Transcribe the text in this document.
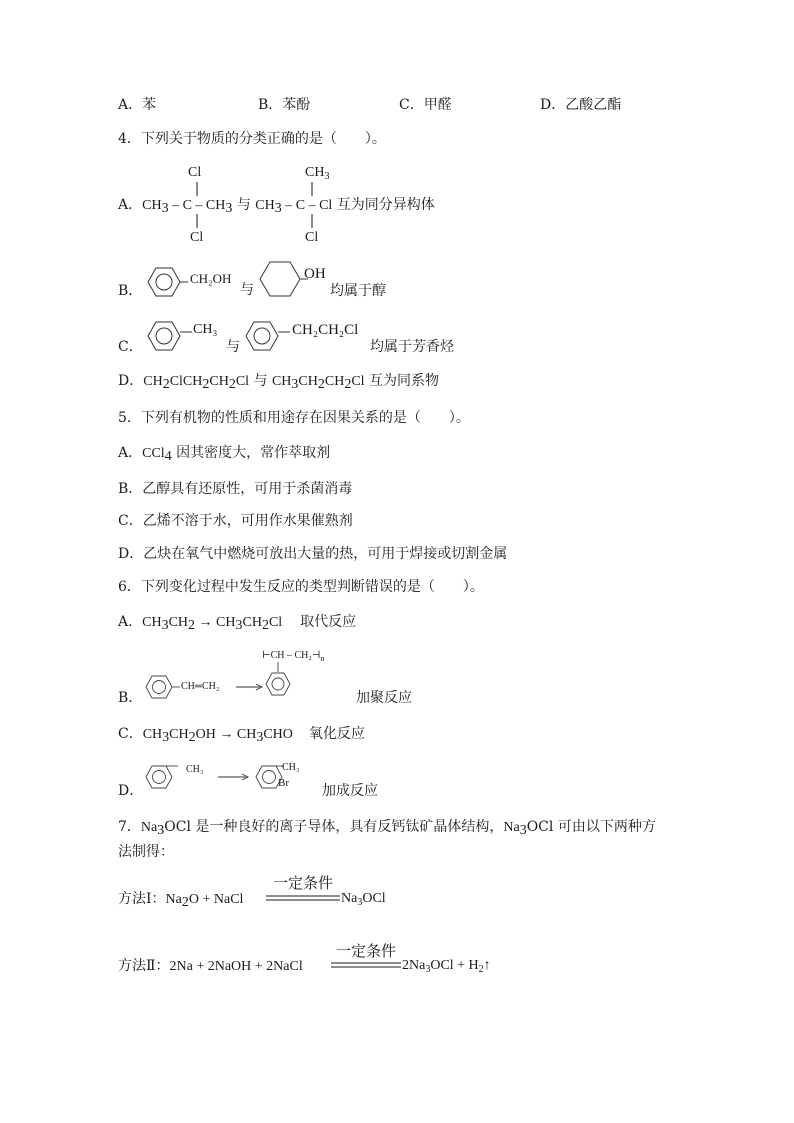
A．苯	B．苯酚	C．甲醛	D．乙酸乙酯
4．下列关于物质的分类正确的是（　　）。
Cl	$CH_3$
A．$CH_3$ – C – $CH_3$ 与 $CH_3$ – C – Cl 互为同分异构体
Cl	Cl
B．
CH₂OH
与
OH
均属于醇
C．
CH₃
与
CH₂CH₂Cl
均属于芳香烃
D．$CH_2ClCH_2CH_2Cl$ 与 $CH_3CH_2CH_2Cl$ 互为同系物
5．下列有机物的性质和用途存在因果关系的是（　　）。
A．CCl$_4$ 因其密度大，常作萃取剂
B．乙醇具有还原性，可用于杀菌消毒
C．乙烯不溶于水，可用作水果催熟剂
D．乙炔在氧气中燃烧可放出大量的热，可用于焊接或切割金属
6．下列变化过程中发生反应的类型判断错误的是（　　）。
A．$CH_3CH_2 \to CH_3CH_2Cl$ 取代反应
B．
CH═CH₂
⊢CH – $CH_2⊣_n$
加聚反应
C．$CH_3CH_2OH \to CH_3CHO$ 氧化反应
D．
CH₃	CH₃
Br 加成反应
7．$Na_3OCl$ 是一种良好的离子导体，具有反钙钛矿晶体结构，$Na_3OCl$ 可由以下两种方
法制得：
方法Ⅰ：$Na_2O$ + NaCl
一定条件
$Na_3OCl$
方法Ⅱ：2Na + 2NaOH + 2NaCl
一定条件
$2Na_3OCl$ + $H_2↑$
